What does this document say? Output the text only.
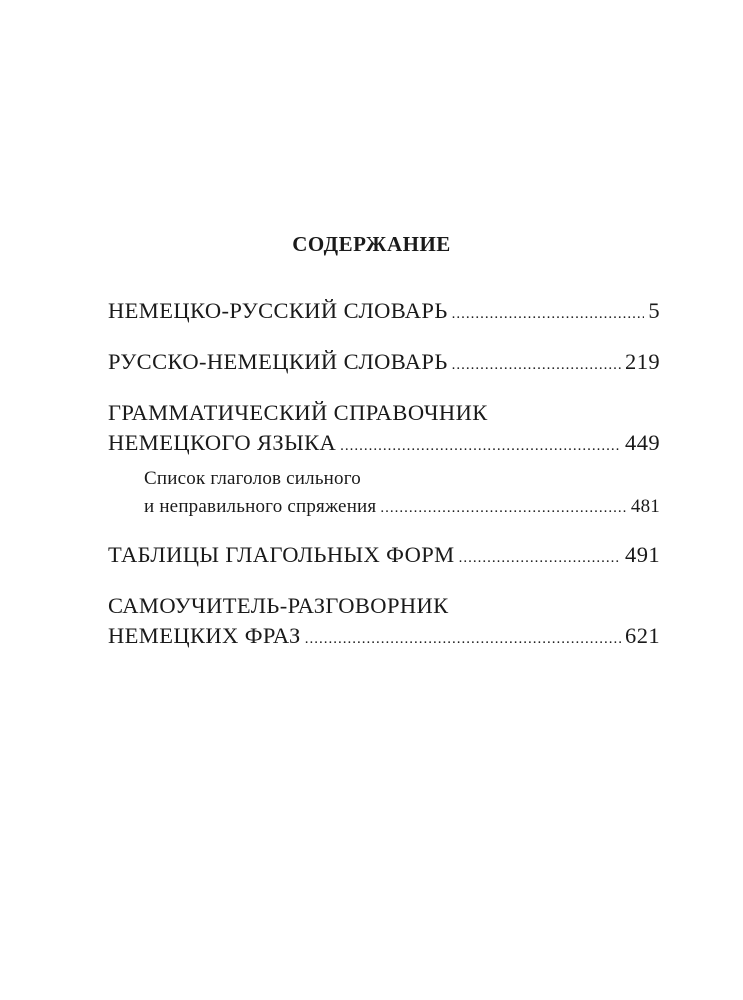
СОДЕРЖАНИЕ
НЕМЕЦКО-РУССКИЙ СЛОВАРЬ .....	5
РУССКО-НЕМЕЦКИЙ СЛОВАРЬ .....	219
ГРАММАТИЧЕСКИЙ СПРАВОЧНИК
НЕМЕЦКОГО ЯЗЫКА .....	449
Список глаголов сильного
и неправильного спряжения .....	481
ТАБЛИЦЫ ГЛАГОЛЬНЫХ ФОРМ .....	491
САМОУЧИТЕЛЬ-РАЗГОВОРНИК
НЕМЕЦКИХ ФРАЗ .....	621
